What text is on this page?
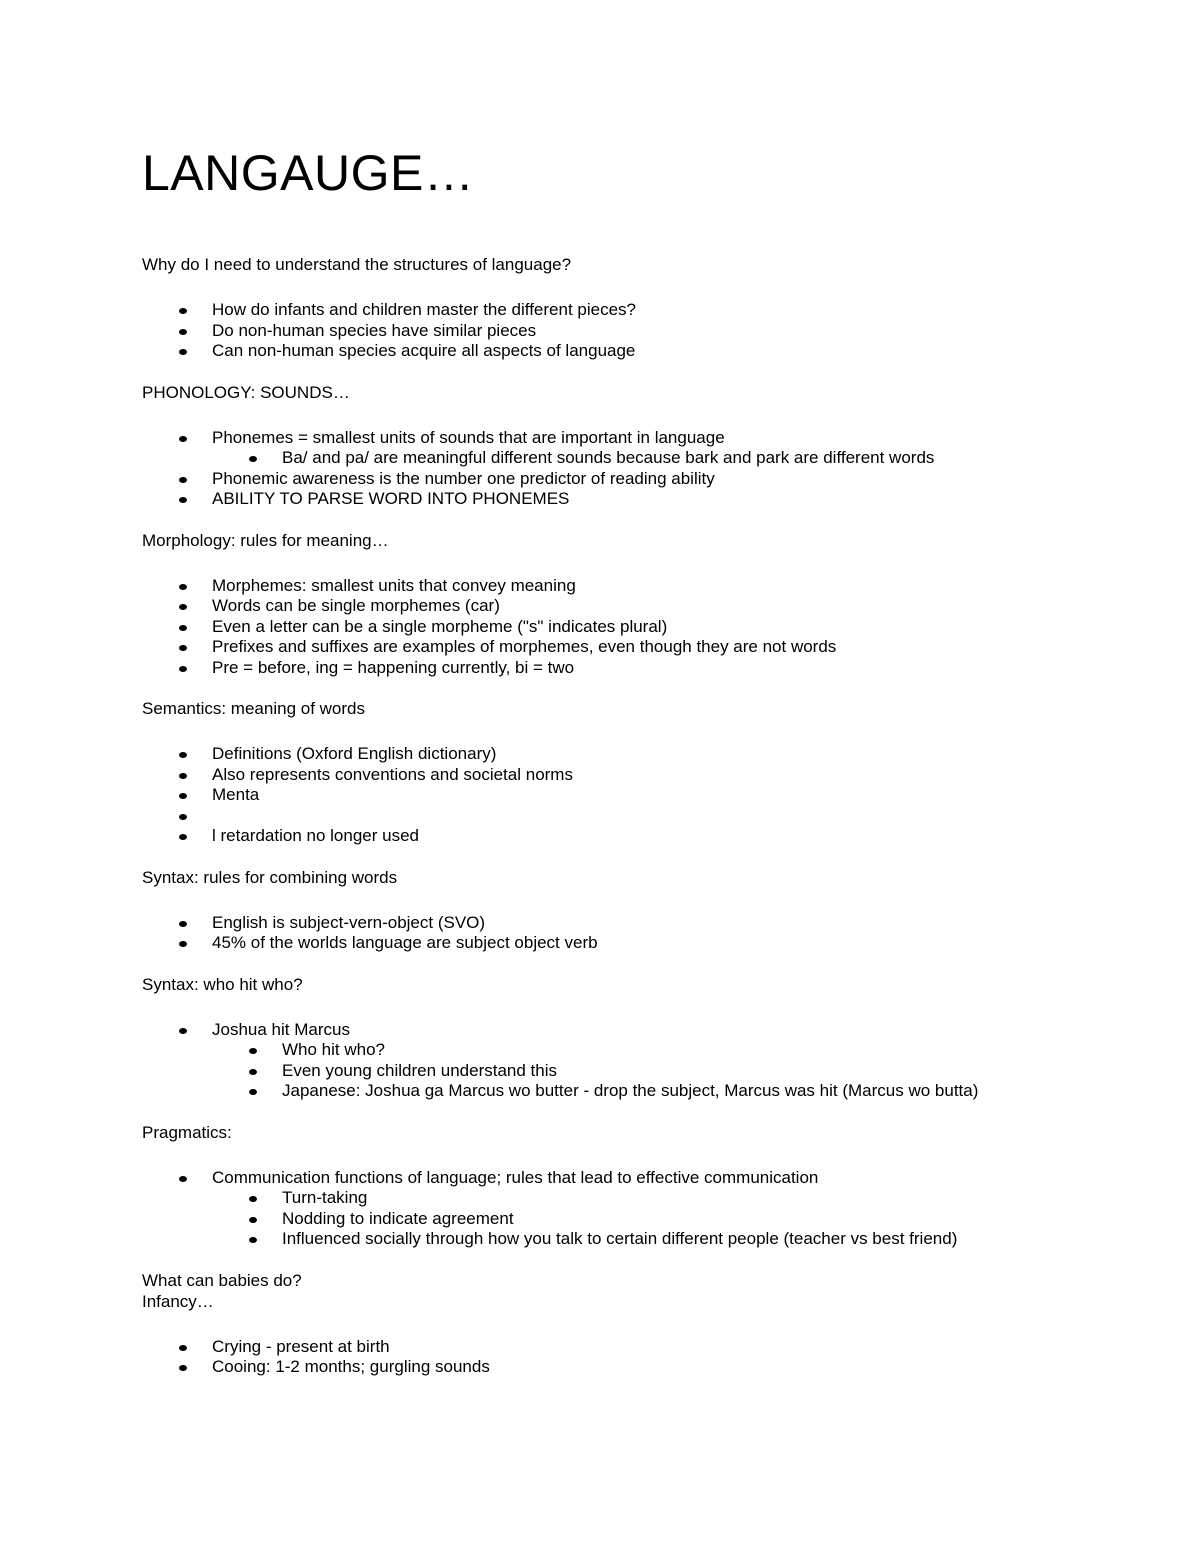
LANGAUGE…

Why do I need to understand the structures of language?

How do infants and children master the different pieces?
Do non-human species have similar pieces
Can non-human species acquire all aspects of language

PHONOLOGY: SOUNDS…

Phonemes = smallest units of sounds that are important in language
Ba/ and pa/ are meaningful different sounds because bark and park are different words
Phonemic awareness is the number one predictor of reading ability
ABILITY TO PARSE WORD INTO PHONEMES

Morphology: rules for meaning…

Morphemes: smallest units that convey meaning
Words can be single morphemes (car)
Even a letter can be a single morpheme ("s" indicates plural)
Prefixes and suffixes are examples of morphemes, even though they are not words
Pre = before, ing = happening currently, bi = two

Semantics: meaning of words

Definitions (Oxford English dictionary)
Also represents conventions and societal norms
Menta
l retardation no longer used

Syntax: rules for combining words

English is subject-vern-object (SVO)
45% of the worlds language are subject object verb

Syntax: who hit who?

Joshua hit Marcus
Who hit who?
Even young children understand this
Japanese: Joshua ga Marcus wo butter - drop the subject, Marcus was hit (Marcus wo butta)

Pragmatics:

Communication functions of language; rules that lead to effective communication
Turn-taking
Nodding to indicate agreement
Influenced socially through how you talk to certain different people (teacher vs best friend)

What can babies do?

Infancy…

Crying - present at birth
Cooing: 1-2 months; gurgling sounds
